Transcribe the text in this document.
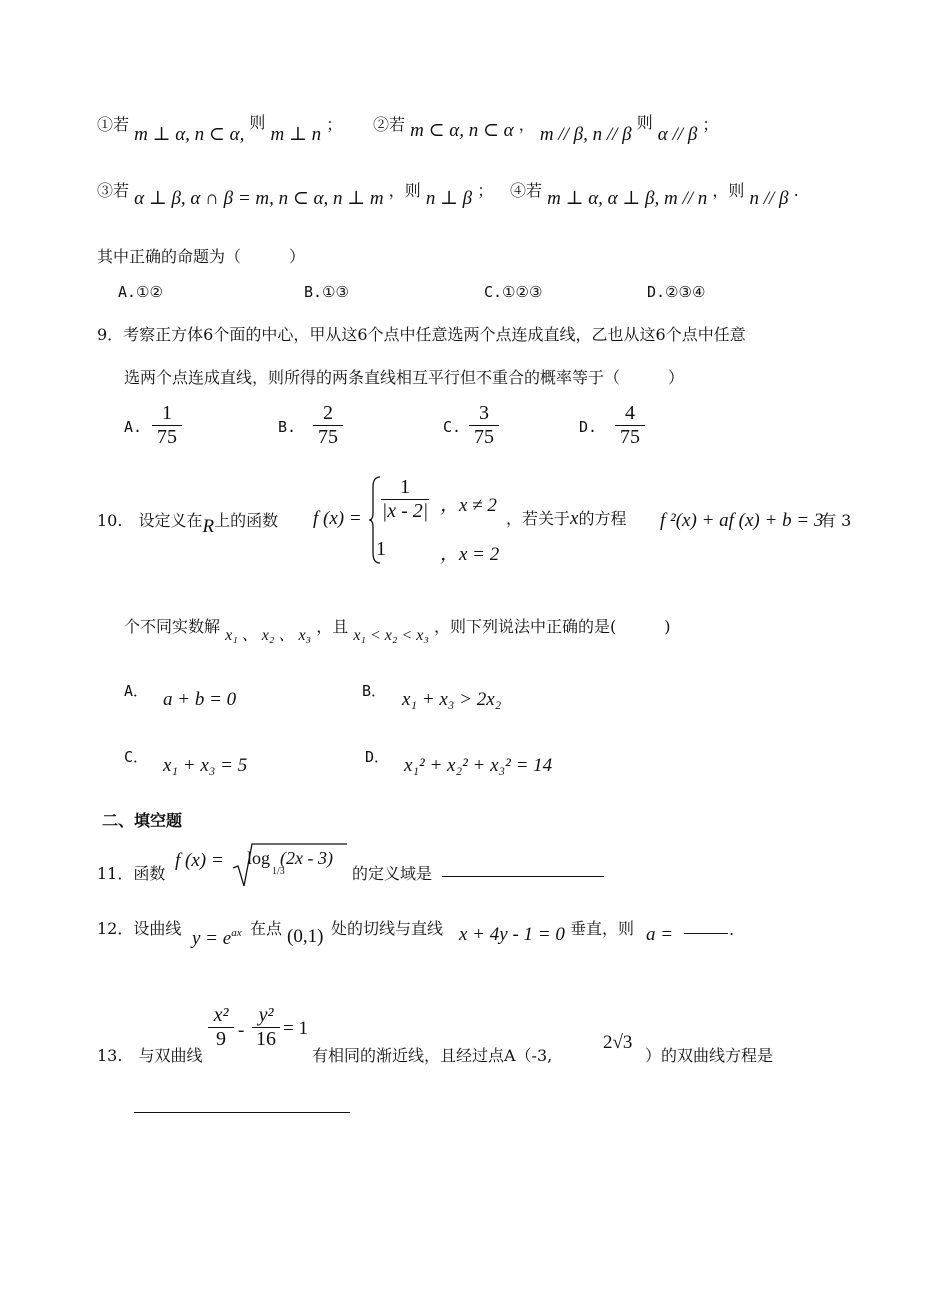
①若 m ⊥ α, n ⊂ α, 则 m ⊥ n ； ②若 m ⊂ α, n ⊂ α ， m // β, n // β 则 α // β ；
③若 α ⊥ β, α ∩ β = m, n ⊂ α, n ⊥ m ，则 n ⊥ β ； ④若 m ⊥ α, α ⊥ β, m // n ，则 n // β .
其中正确的命题为（　　　）
A.①②	B.①③	C.①②③	D.②③④
9．考察正方体6个面的中心，甲从这6个点中任意选两个点连成直线，乙也从这6个点中任意
选两个点连成直线，则所得的两条直线相互平行但不重合的概率等于（　　　）
A. $\frac{1}{75}$	B. $\frac{2}{75}$	C. $\frac{3}{75}$	D. $\frac{4}{75}$
10.　设定义在R上的函数 f $(x) = \frac{1}{|x - 2|}$ ，x ≠ 2
1	，x = 2
，若关于x的方程 f ²(x) + af (x) + b = 3
有 3
个不同实数解 x₁ 、 x₂ 、 x₃ ，且 x₁ < x₂ < x₃ ，则下列说法中正确的是(　　　)
A． a + b = 0	B． x₁ + x₃ > 2x₂
C． x₁ + x₃ = 5	D． x₁² + x₂² + x₃² = 14
二、填空题
11．函数
f (x) = log (2x - 3)
1/3	的定义域是
12．设曲线 $y = e^{ax}$ 在点 (0,1) 处的切线与直线 x + 4y - 1 = 0 垂直，则 a =	.
13.　与双曲线
$\frac{\text{x²}}{9} - \frac{\text{y²}}{16} = 1$
有相同的渐近线，且经过点A（-3,
2√3
）的双曲线方程是
